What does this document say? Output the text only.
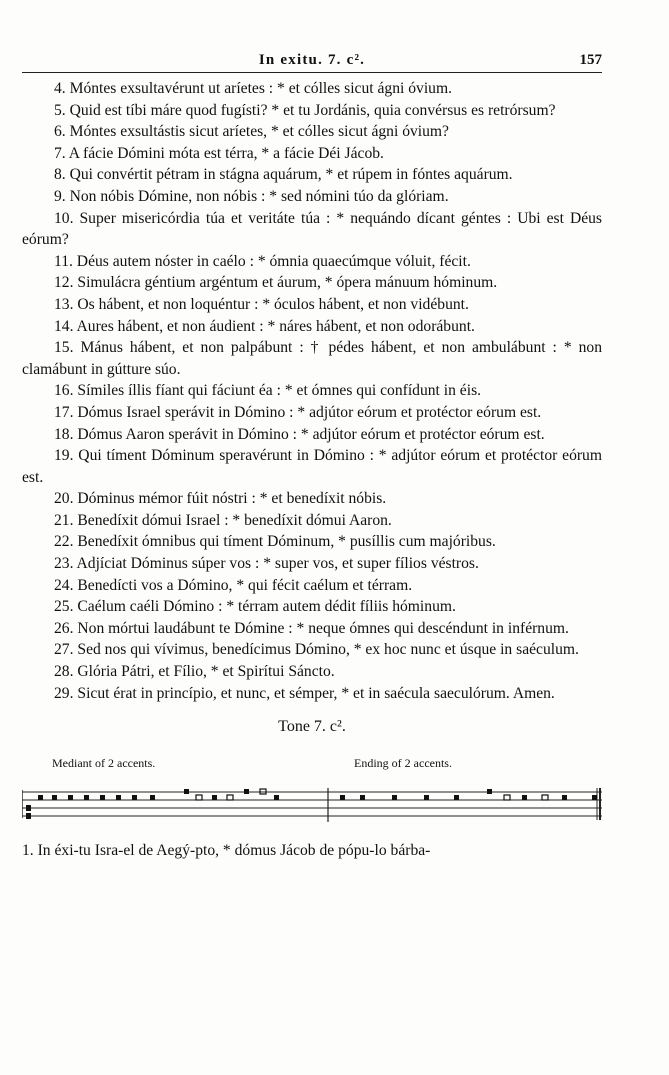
In exitu. 7. c².	157

4. Móntes exsultavérunt ut aríetes : * et cólles sicut ágni óvium.

5. Quid est tíbi máre quod fugísti? * et tu Jordánis, quia convérsus es retrórsum?

6. Móntes exsultástis sicut aríetes, * et cólles sicut ágni óvium?

7. A fácie Dómini móta est térra, * a fácie Déi Jácob.

8. Qui convértit pétram in stágna aquárum, * et rúpem in fóntes aquárum.

9. Non nóbis Dómine, non nóbis : * sed nómini túo da glóriam.

10. Super misericórdia túa et veritáte túa : * nequándo dícant géntes : Ubi est Déus eórum?

11. Déus autem nóster in caélo : * ómnia quaecúmque vóluit, fécit.

12. Simulácra géntium argéntum et áurum, * ópera mánuum hóminum.

13. Os hábent, et non loquéntur : * óculos hábent, et non vidébunt.

14. Aures hábent, et non áudient : * náres hábent, et non odorábunt.

15. Mánus hábent, et non palpábunt : † pédes hábent, et non ambulábunt : * non clamábunt in gútture súo.

16. Símiles íllis fíant qui fáciunt éa : * et ómnes qui confídunt in éis.

17. Dómus Israel sperávit in Dómino : * adjútor eórum et protéctor eórum est.

18. Dómus Aaron sperávit in Dómino : * adjútor eórum et protéctor eórum est.

19. Qui tíment Dóminum speravérunt in Dómino : * adjútor eórum et protéctor eórum est.

20. Dóminus mémor fúit nóstri : * et benedíxit nóbis.

21. Benedíxit dómui Israel : * benedíxit dómui Aaron.

22. Benedíxit ómnibus qui tíment Dóminum, * pusíllis cum majóribus.

23. Adjíciat Dóminus súper vos : * super vos, et super fílios véstros.

24. Benedícti vos a Dómino, * qui fécit caélum et térram.

25. Caélum caéli Dómino : * térram autem dédit fíliis hóminum.

26. Non mórtui laudábunt te Dómine : * neque ómnes qui descéndunt in inférnum.

27. Sed nos qui vívimus, benedícimus Dómino, * ex hoc nunc et úsque in saéculum.

28. Glória Pátri, et Fílio, * et Spirítui Sáncto.

29. Sicut érat in princípio, et nunc, et sémper, * et in saécula saeculórum. Amen.

Tone 7. c².
Mediant of 2 accents.	Ending of 2 accents.
1. In éxi-tu Isra-el de Aegý-pto, * dómus Jácob de pópu-lo bárba-
